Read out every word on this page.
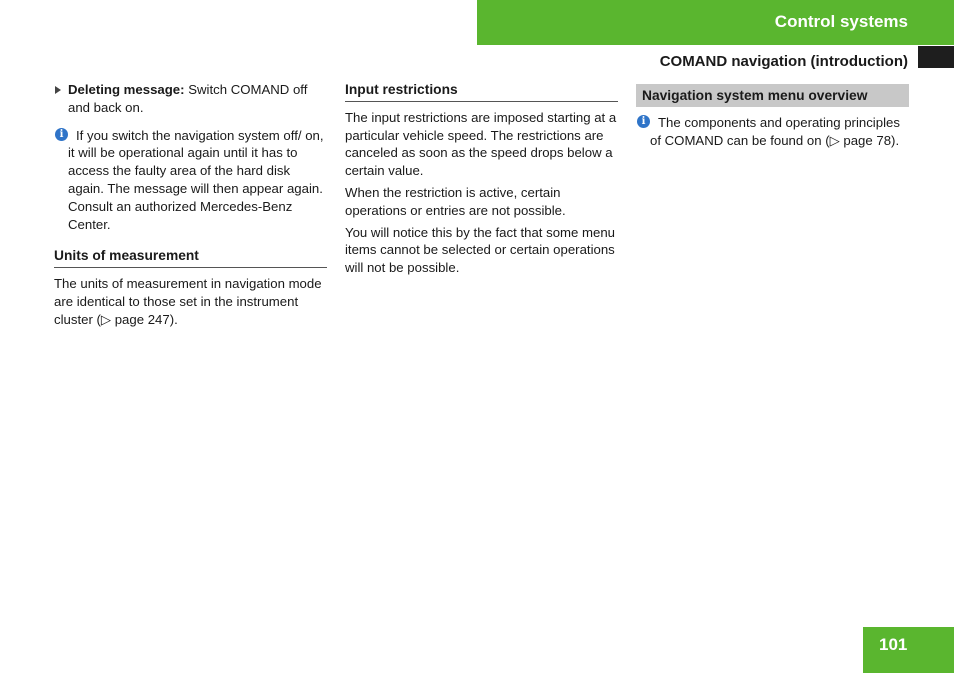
Control systems
COMAND navigation (introduction)
Deleting message: Switch COMAND off and back on.
i If you switch the navigation system off/ on, it will be operational again until it has to access the faulty area of the hard disk again. The message will then appear again. Consult an authorized Mercedes-Benz Center.
Units of measurement
The units of measurement in navigation mode are identical to those set in the instrument cluster (▷ page 247).
Input restrictions
The input restrictions are imposed starting at a particular vehicle speed. The restrictions are canceled as soon as the speed drops below a certain value.
When the restriction is active, certain operations or entries are not possible.
You will notice this by the fact that some menu items cannot be selected or certain operations will not be possible.
Navigation system menu overview
i The components and operating principles of COMAND can be found on (▷ page 78).
101
